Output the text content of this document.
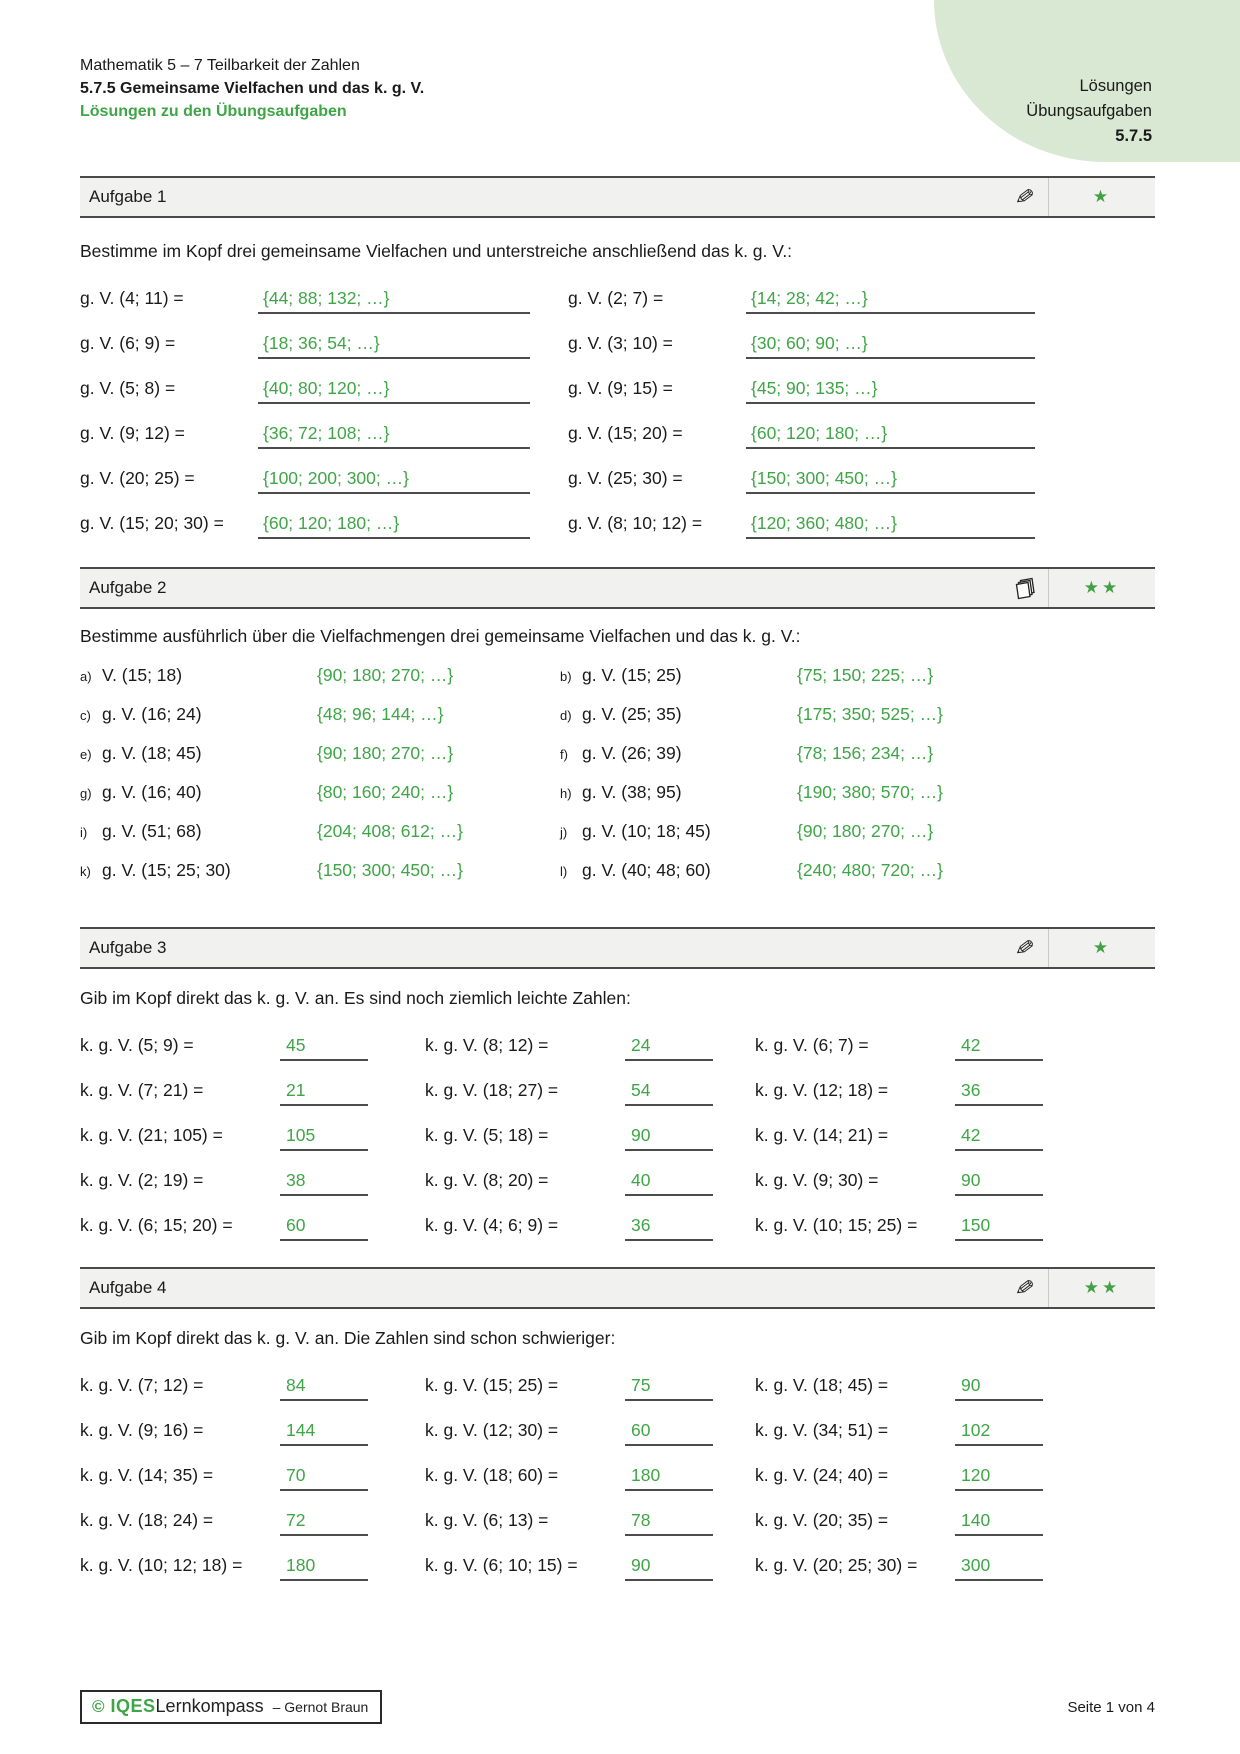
Lösungen
Übungsaufgaben
5.7.5
Mathematik 5 – 7 Teilbarkeit der Zahlen
5.7.5 Gemeinsame Vielfachen und das k. g. V.
Lösungen zu den Übungsaufgaben
Aufgabe 1	✎	★

Bestimme im Kopf drei gemeinsame Vielfachen und unterstreiche anschließend das k. g. V.:

g. V. (4; 11) =	{44; 88; 132; …}	g. V. (2; 7) =	{14; 28; 42; …}
g. V. (6; 9) =	{18; 36; 54; …}	g. V. (3; 10) =	{30; 60; 90; …}
g. V. (5; 8) =	{40; 80; 120; …}	g. V. (9; 15) =	{45; 90; 135; …}
g. V. (9; 12) =	{36; 72; 108; …}	g. V. (15; 20) =	{60; 120; 180; …}
g. V. (20; 25) =	{100; 200; 300; …}	g. V. (25; 30) =	{150; 300; 450; …}
g. V. (15; 20; 30) =	{60; 120; 180; …}	g. V. (8; 10; 12) =	{120; 360; 480; …}
Aufgabe 2	★★

Bestimme ausführlich über die Vielfachmengen drei gemeinsame Vielfachen und das k. g. V.:

a) V. (15; 18)	{90; 180; 270; …}	b) g. V. (15; 25)	{75; 150; 225; …}
c) g. V. (16; 24)	{48; 96; 144; …}	d) g. V. (25; 35)	{175; 350; 525; …}
e) g. V. (18; 45)	{90; 180; 270; …}	f) g. V. (26; 39)	{78; 156; 234; …}
g) g. V. (16; 40)	{80; 160; 240; …}	h) g. V. (38; 95)	{190; 380; 570; …}
i) g. V. (51; 68)	{204; 408; 612; …}	j) g. V. (10; 18; 45)	{90; 180; 270; …}
k) g. V. (15; 25; 30)	{150; 300; 450; …}	l) g. V. (40; 48; 60)	{240; 480; 720; …}
Aufgabe 3	✎	★

Gib im Kopf direkt das k. g. V. an. Es sind noch ziemlich leichte Zahlen:

k. g. V. (5; 9) =	45	k. g. V. (8; 12) =	24	k. g. V. (6; 7) =	42
k. g. V. (7; 21) =	21	k. g. V. (18; 27) =	54	k. g. V. (12; 18) =	36
k. g. V. (21; 105) =	105	k. g. V. (5; 18) =	90	k. g. V. (14; 21) =	42
k. g. V. (2; 19) =	38	k. g. V. (8; 20) =	40	k. g. V. (9; 30) =	90
k. g. V. (6; 15; 20) =	60	k. g. V. (4; 6; 9) =	36	k. g. V. (10; 15; 25) =	150
Aufgabe 4	✎	★★

Gib im Kopf direkt das k. g. V. an. Die Zahlen sind schon schwieriger:

k. g. V. (7; 12) =	84	k. g. V. (15; 25) =	75	k. g. V. (18; 45) =	90
k. g. V. (9; 16) =	144	k. g. V. (12; 30) =	60	k. g. V. (34; 51) =	102
k. g. V. (14; 35) =	70	k. g. V. (18; 60) =	180	k. g. V. (24; 40) =	120
k. g. V. (18; 24) =	72	k. g. V. (6; 13) =	78	k. g. V. (20; 35) =	140
k. g. V. (10; 12; 18) =	180	k. g. V. (6; 10; 15) =	90	k. g. V. (20; 25; 30) =	300
© IQES Lernkompass – Gernot Braun	Seite 1 von 4
